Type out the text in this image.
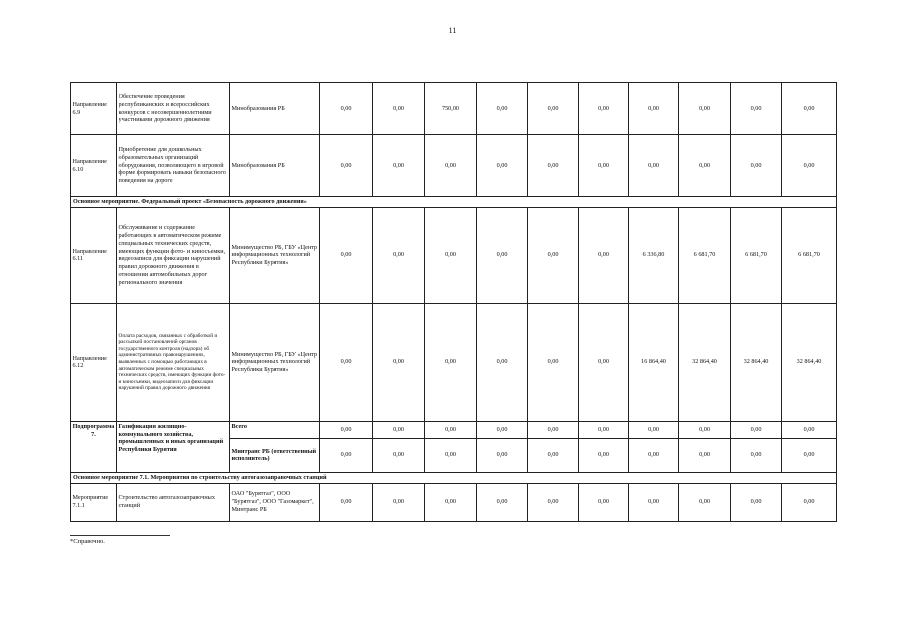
11
Направление 6.9	Обеспечение проведения республиканских и всероссийских конкурсов с несовершеннолетними участниками дорожного движения	Минобразования РБ	0,00	0,00	750,00	0,00	0,00	0,00	0,00	0,00	0,00	0,00
Направление 6.10	Приобретение для дошкольных образовательных организаций оборудования, позволяющего в игровой форме формировать навыки безопасного поведения на дороге	Минобразования РБ	0,00	0,00	0,00	0,00	0,00	0,00	0,00	0,00	0,00	0,00
Основное мероприятие. Федеральный проект «Безопасность дорожного движения»												
Направление 6.11	Обслуживание и содержание работающих в автоматическом режиме специальных технических средств, имеющих функции фото- и киносъемки, видеозаписи для фиксации нарушений правил дорожного движения в отношении автомобильных дорог регионального значения	Минимущество РБ, ГБУ «Центр информационных технологий Республики Бурятия»	0,00	0,00	0,00	0,00	0,00	0,00	6 336,80	6 681,70	6 681,70	6 681,70
Направление 6.12	Оплата расходов, связанных с обработкой и рассылкой постановлений органов государственного контроля (надзора) об административных правонарушениях, выявленных с помощью работающих в автоматическом режиме специальных технических средств, имеющих функции фото- и киносъемки, видеозаписи для фиксации нарушений правил дорожного движения	Минимущество РБ, ГБУ «Центр информационных технологий Республики Бурятия»	0,00	0,00	0,00	0,00	0,00	0,00	16 864,40	32 864,40	32 864,40	32 864,40
Подпрограмма 7.	Газификация жилищно-коммунального хозяйства, промышленных и иных организаций Республики Бурятия	Всего	0,00	0,00	0,00	0,00	0,00	0,00	0,00	0,00	0,00	0,00
		Минтранс РБ (ответственный исполнитель)	0,00	0,00	0,00	0,00	0,00	0,00	0,00	0,00	0,00	0,00
Основное мероприятие 7.1. Мероприятия по строительству автогазозаправочных станций												
Мероприятие 7.1.1	Строительство автогазозаправочных станций	ОАО "Бурятгаз", ООО "Бурятгаз", ООО "Газомаркет", Минтранс РБ	0,00	0,00	0,00	0,00	0,00	0,00	0,00	0,00	0,00	0,00
*Справочно.
